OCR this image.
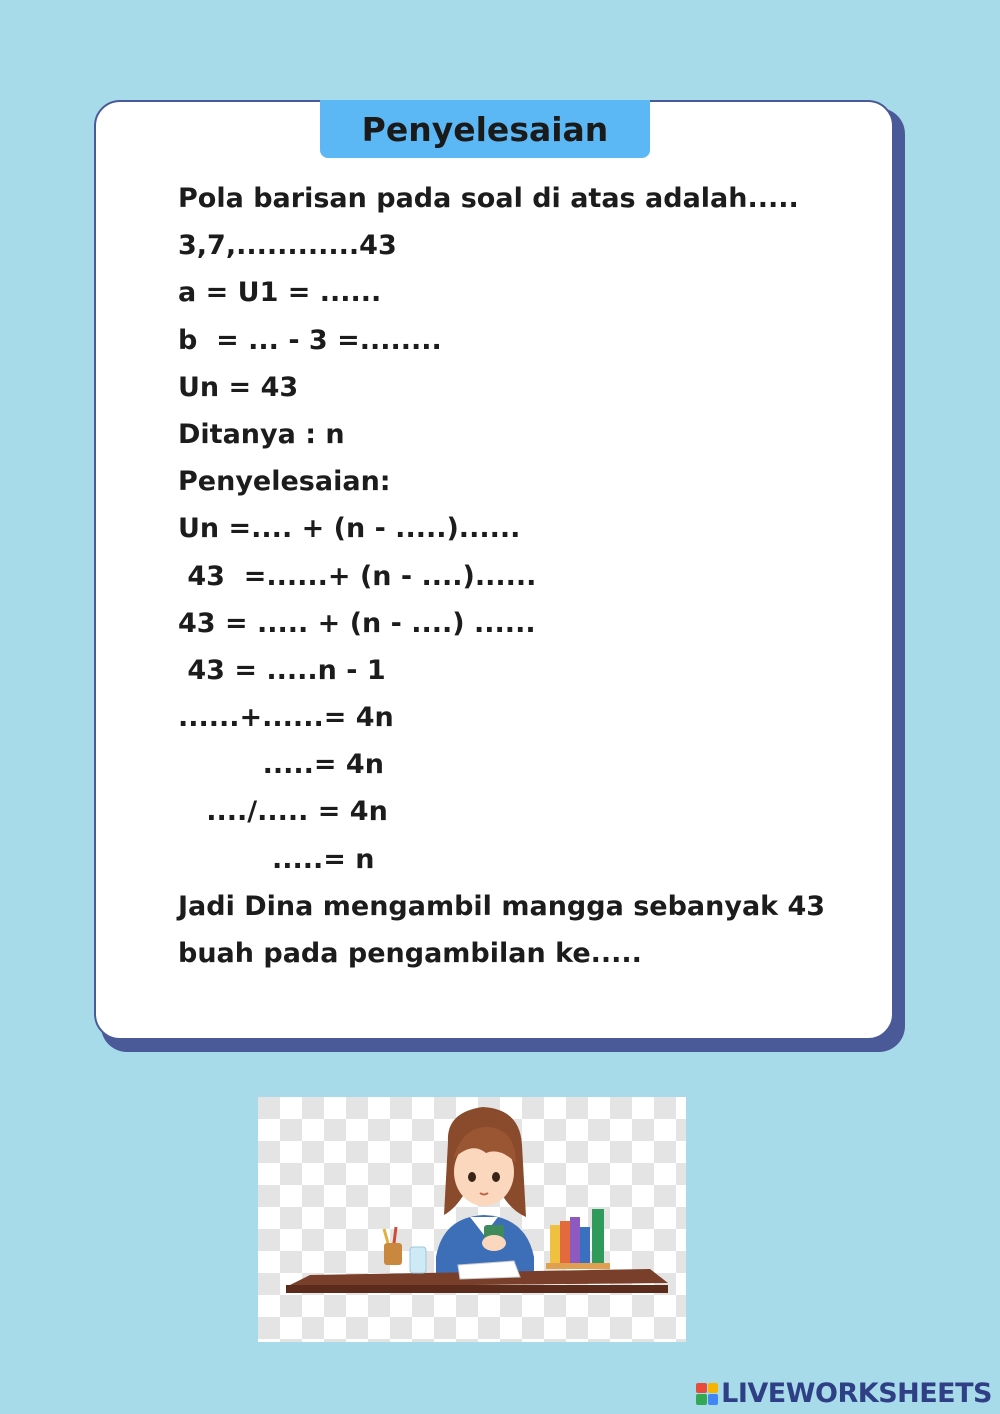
Penyelesaian
Pola barisan pada soal di atas adalah.....
3,7,............43
a = U1 = ......
b  = ... - 3 =........
Un = 43
Ditanya : n
Penyelesaian:
Un =.... + (n - .....)......
43  =......+ (n - ....)......
43 = ..... + (n - ....) ......
43 = .....n - 1
......+......= 4n
.....= 4n
..../..... = 4n
.....= n
Jadi Dina mengambil mangga sebanyak 43
buah pada pengambilan ke.....
LIVEWORKSHEETS
